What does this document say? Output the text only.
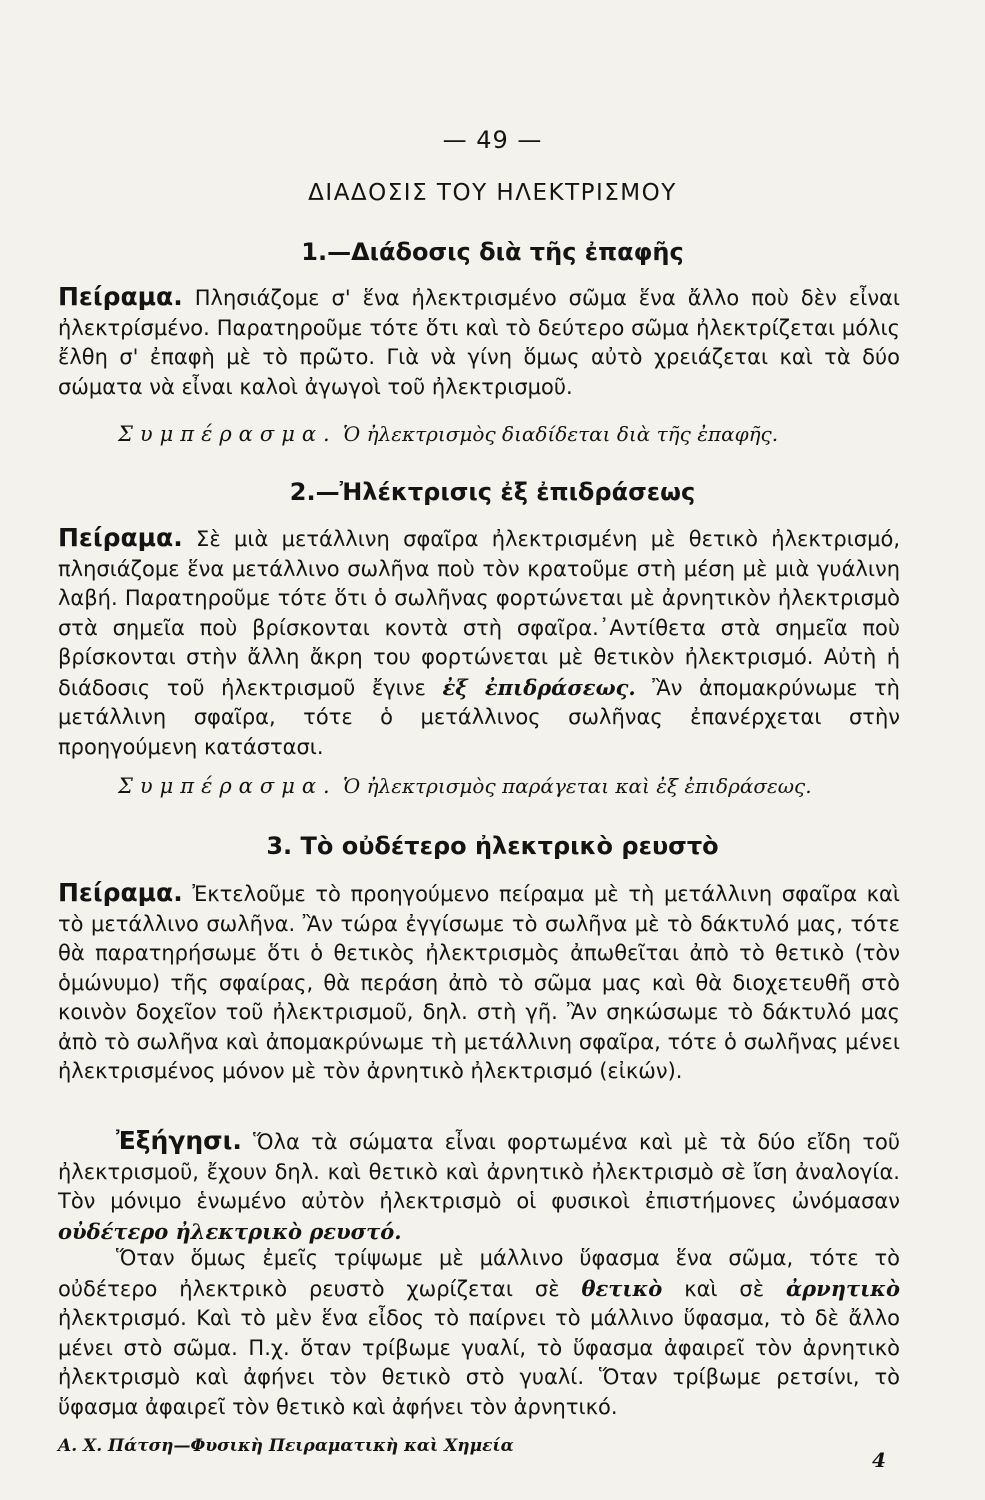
— 49 —
ΔΙΑΔΟΣΙΣ ΤΟΥ ΗΛΕΚΤΡΙΣΜΟΥ
1.—Διάδοσις διὰ τῆς ἐπαφῆς

Πείραμα. Πλησιάζομε σ' ἕνα ἠλεκτρισμένο σῶμα ἕνα ἄλλο ποὺ δὲν εἶναι ἠλεκτρίσμένο. Παρατηροῦμε τότε ὅτι καὶ τὸ δεύτερο σῶμα ἠλεκτρίζεται μόλις ἔλθη σ' ἐπαφὴ μὲ τὸ πρῶτο. Γιὰ νὰ γίνη ὅμως αὐτὸ χρειάζεται καὶ τὰ δύο σώματα νὰ εἶναι καλοὶ ἀγωγοὶ τοῦ ἠλεκτρισμοῦ.

Συμπέρασμα. Ὁ ἠλεκτρισμὸς διαδίδεται διὰ τῆς ἐπαφῆς.
2.—Ἠλέκτρισις ἐξ ἐπιδράσεως

Πείραμα. Σὲ μιὰ μετάλλινη σφαῖρα ἠλεκτρισμένη μὲ θετικὸ ἠλεκτρισμό, πλησιάζομε ἕνα μετάλλινο σωλῆνα ποὺ τὸν κρατοῦμε στὴ μέση μὲ μιὰ γυάλινη λαβή. Παρατηροῦμε τότε ὅτι ὁ σωλῆνας φορτώνεται μὲ ἀρνητικὸν ἠλεκτρισμὸ στὰ σημεῖα ποὺ βρίσκονται κοντὰ στὴ σφαῖρα.᾿Αντίθετα στὰ σημεῖα ποὺ βρίσκονται στὴν ἄλλη ἄκρη του φορτώνεται μὲ θετικὸν ἠλεκτρισμό. Αὐτὴ ἡ διάδοσις τοῦ ἠλεκτρισμοῦ ἔγινε ἐξ ἐπιδράσεως. Ἂν ἀπομακρύνωμε τὴ μετάλλινη σφαῖρα, τότε ὁ μετάλλινος σωλῆνας ἐπανέρχεται στὴν προηγούμενη κατάστασι.

Συμπέρασμα. Ὁ ἠλεκτρισμὸς παράγεται καὶ ἐξ ἐπιδράσεως.
3. Τὸ οὐδέτερο ἠλεκτρικὸ ρευστὸ

Πείραμα. Ἐκτελοῦμε τὸ προηγούμενο πείραμα μὲ τὴ μετάλλινη σφαῖρα καὶ τὸ μετάλλινο σωλῆνα. Ἂν τώρα ἐγγίσωμε τὸ σωλῆνα μὲ τὸ δάκτυλό μας, τότε θὰ παρατηρήσωμε ὅτι ὁ θετικὸς ἠλεκτρισμὸς ἀπωθεῖται ἀπὸ τὸ θετικὸ (τὸν ὁμώνυμο) τῆς σφαίρας, θὰ περάση ἀπὸ τὸ σῶμα μας καὶ θὰ διοχετευθῆ στὸ κοινὸν δοχεῖον τοῦ ἠλεκτρισμοῦ, δηλ. στὴ γῆ. Ἂν σηκώσωμε τὸ δάκτυλό μας ἀπὸ τὸ σωλῆνα καὶ ἀπομακρύνωμε τὴ μετάλλινη σφαῖρα, τότε ὁ σωλῆνας μένει ἠλεκτρισμένος μόνον μὲ τὸν ἀρνητικὸ ἠλεκτρισμό (εἰκών).

Ἐξήγησι. Ὅλα τὰ σώματα εἶναι φορτωμένα καὶ μὲ τὰ δύο εἴδη τοῦ ἠλεκτρισμοῦ, ἔχουν δηλ. καὶ θετικὸ καὶ ἀρνητικὸ ἠλεκτρισμὸ σὲ ἴση ἀναλογία. Τὸν μόνιμο ἑνωμένο αὐτὸν ἠλεκτρισμὸ οἱ φυσικοὶ ἐπιστήμονες ὠνόμασαν οὐδέτερο ἠλεκτρικὸ ρευστό.

Ὅταν ὅμως ἐμεῖς τρίψωμε μὲ μάλλινο ὕφασμα ἕνα σῶμα, τότε τὸ οὐδέτερο ἠλεκτρικὸ ρευστὸ χωρίζεται σὲ θετικὸ καὶ σὲ ἀρνητικὸ ἠλεκτρισμό. Καὶ τὸ μὲν ἕνα εἶδος τὸ παίρνει τὸ μάλλινο ὕφασμα, τὸ δὲ ἄλλο μένει στὸ σῶμα. Π.χ. ὅταν τρίβωμε γυαλί, τὸ ὕφασμα ἀφαιρεῖ τὸν ἀρνητικὸ ἠλεκτρισμὸ καὶ ἀφήνει τὸν θετικὸ στὸ γυαλί. Ὅταν τρίβωμε ρετσίνι, τὸ ὕφασμα ἀφαιρεῖ τὸν θετικὸ καὶ ἀφήνει τὸν ἀρνητικό.

Α. Χ. Πάτση—Φυσικὴ Πειραματικὴ καὶ Χημεία
4
